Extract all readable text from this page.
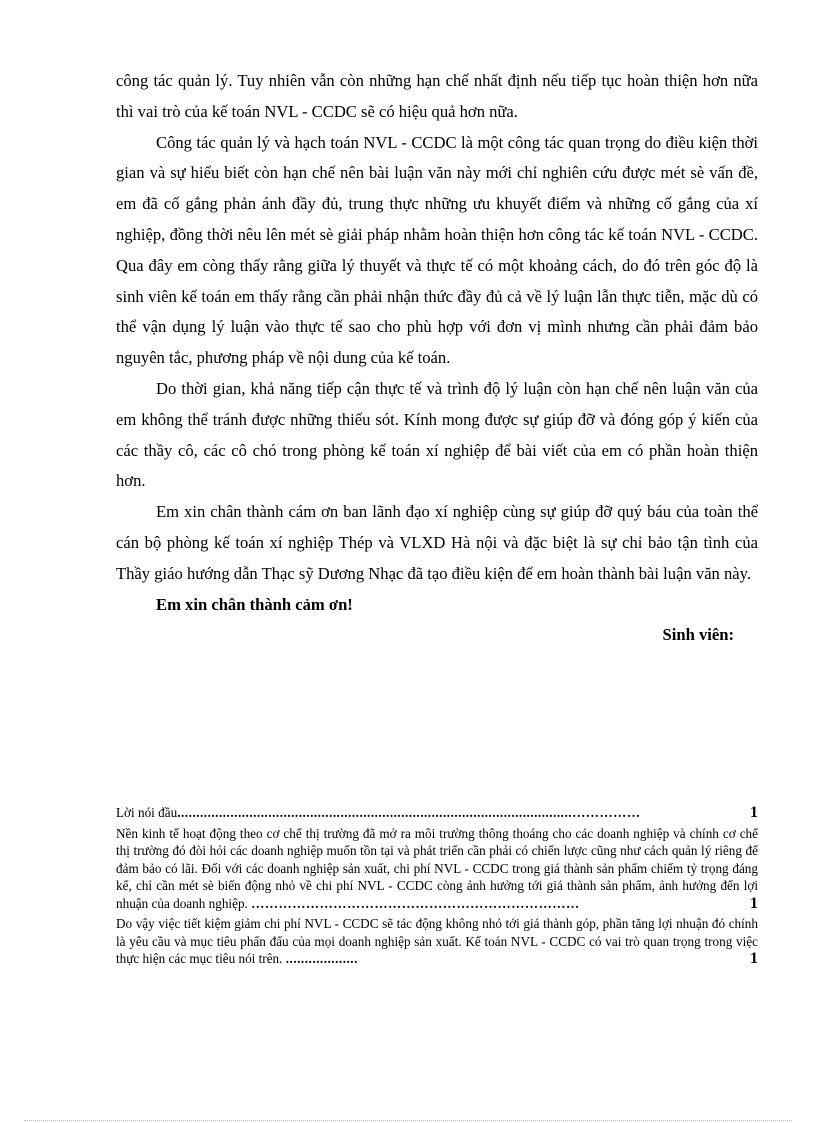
công tác quản lý. Tuy nhiên vẫn còn những hạn chế nhất định nếu tiếp tục hoàn thiện hơn nữa thì vai trò của kế toán NVL - CCDC sẽ có hiệu quả hơn nữa.

Công tác quản lý và hạch toán NVL - CCDC là một công tác quan trọng do điều kiện thời gian và sự hiểu biết còn hạn chế nên bài luận văn này mới chỉ nghiên cứu được mét sè vấn đề, em đã cố gắng phản ánh đầy đủ, trung thực những ưu khuyết điểm và những cố gắng của xí nghiệp, đồng thời nêu lên mét sè giải pháp nhằm hoàn thiện hơn công tác kế toán NVL - CCDC. Qua đây em còng thấy rằng giữa lý thuyết và thực tế có một khoảng cách, do đó trên góc độ là sinh viên kế toán em thấy rằng cần phải nhận thức đầy đủ cả về lý luận lẫn thực tiễn, mặc dù có thể vận dụng lý luận vào thực tế sao cho phù hợp với đơn vị mình nhưng cần phải đảm bảo nguyên tắc, phương pháp về nội dung của kế toán.

Do thời gian, khả năng tiếp cận thực tế và trình độ lý luận còn hạn chế nên luận văn của em không thể tránh được những thiếu sót. Kính mong được sự giúp đỡ và đóng góp ý kiến của các thầy cô, các cô chó trong phòng kế toán xí nghiệp để bài viết của em có phần hoàn thiện hơn.

Em xin chân thành cám ơn ban lãnh đạo xí nghiệp cùng sự giúp đỡ quý báu của toàn thể cán bộ phòng kế toán xí nghiệp Thép và VLXD Hà nội và đặc biệt là sự chỉ bảo tận tình của Thầy giáo hướng dẫn Thạc sỹ Dương Nhạc đã tạo điều kiện để em hoàn thành bài luận văn này.

Em xin chân thành cảm ơn!

Sinh viên:

Lời nói đầu........................................................................................................……………	1
Nền kinh tế hoạt động theo cơ chế thị trường đã mở ra môi trường thông thoáng cho các doanh nghiệp và chính cơ chế thị trường đó đòi hỏi các doanh nghiệp muốn tồn tại và phát triển cần phải có chiến lược cũng như cách quản lý riêng để đảm bảo có lãi. Đối với các doanh nghiệp sản xuất, chi phí NVL - CCDC trong giá thành sản phẩm chiếm tỷ trọng đáng kể, chỉ cần mét sè biến động nhỏ về chi phí NVL - CCDC còng ảnh hưởng tới giá thành sản phẩm, ảnh hưởng đến lợi nhuận của doanh nghiệp. ………………………………………………………………	1
Do vậy việc tiết kiệm giảm chi phí NVL - CCDC sẽ tác động không nhỏ tới giá thành góp, phần tăng lợi nhuận đó chính là yêu cầu và mục tiêu phấn đấu của mọi doanh nghiệp sản xuất. Kế toán NVL - CCDC có vai trò quan trọng trong việc thực hiện các mục tiêu nói trên. ...................	1
